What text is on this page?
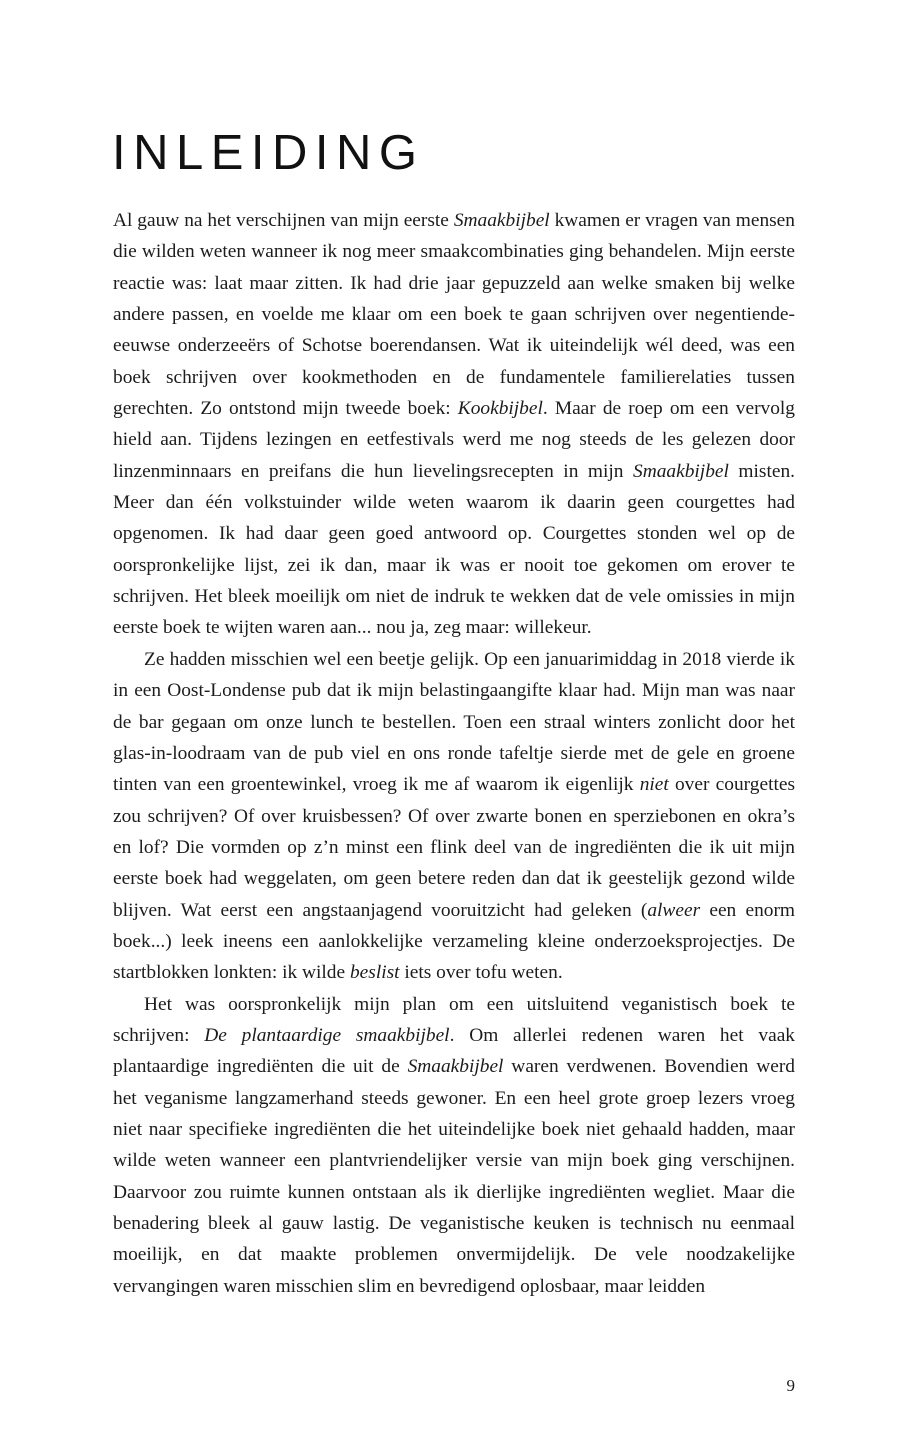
INLEIDING

Al gauw na het verschijnen van mijn eerste Smaakbijbel kwamen er vragen van mensen die wilden weten wanneer ik nog meer smaakcombinaties ging behandelen. Mijn eerste reactie was: laat maar zitten. Ik had drie jaar gepuzzeld aan welke smaken bij welke andere passen, en voelde me klaar om een boek te gaan schrijven over negentiende-eeuwse onderzeeërs of Schotse boerendansen. Wat ik uiteindelijk wél deed, was een boek schrijven over kookmethoden en de fundamentele familierelaties tussen gerechten. Zo ontstond mijn tweede boek: Kookbijbel. Maar de roep om een vervolg hield aan. Tijdens lezingen en eetfestivals werd me nog steeds de les gelezen door linzenminnaars en preifans die hun lievelingsrecepten in mijn Smaakbijbel misten. Meer dan één volkstuinder wilde weten waarom ik daarin geen courgettes had opgenomen. Ik had daar geen goed antwoord op. Courgettes stonden wel op de oorspronkelijke lijst, zei ik dan, maar ik was er nooit toe gekomen om erover te schrijven. Het bleek moeilijk om niet de indruk te wekken dat de vele omissies in mijn eerste boek te wijten waren aan... nou ja, zeg maar: willekeur.

Ze hadden misschien wel een beetje gelijk. Op een januarimiddag in 2018 vierde ik in een Oost-Londense pub dat ik mijn belastingaangifte klaar had. Mijn man was naar de bar gegaan om onze lunch te bestellen. Toen een straal winters zonlicht door het glas-in-loodraam van de pub viel en ons ronde tafeltje sierde met de gele en groene tinten van een groentewinkel, vroeg ik me af waarom ik eigenlijk niet over courgettes zou schrijven? Of over kruisbessen? Of over zwarte bonen en sperziebonen en okra’s en lof? Die vormden op z’n minst een flink deel van de ingrediënten die ik uit mijn eerste boek had weggelaten, om geen betere reden dan dat ik geestelijk gezond wilde blijven. Wat eerst een angstaanjagend vooruitzicht had geleken (alweer een enorm boek...) leek ineens een aanlokkelijke verzameling kleine onderzoeksprojectjes. De startblokken lonkten: ik wilde beslist iets over tofu weten.

Het was oorspronkelijk mijn plan om een uitsluitend veganistisch boek te schrijven: De plantaardige smaakbijbel. Om allerlei redenen waren het vaak plantaardige ingrediënten die uit de Smaakbijbel waren verdwenen. Bovendien werd het veganisme langzamerhand steeds gewoner. En een heel grote groep lezers vroeg niet naar specifieke ingrediënten die het uiteindelijke boek niet gehaald hadden, maar wilde weten wanneer een plantvriendelijker versie van mijn boek ging verschijnen. Daarvoor zou ruimte kunnen ontstaan als ik dierlijke ingrediënten wegliet. Maar die benadering bleek al gauw lastig. De veganistische keuken is technisch nu eenmaal moeilijk, en dat maakte problemen onvermijdelijk. De vele noodzakelijke vervangingen waren misschien slim en bevredigend oplosbaar, maar leidden

9
